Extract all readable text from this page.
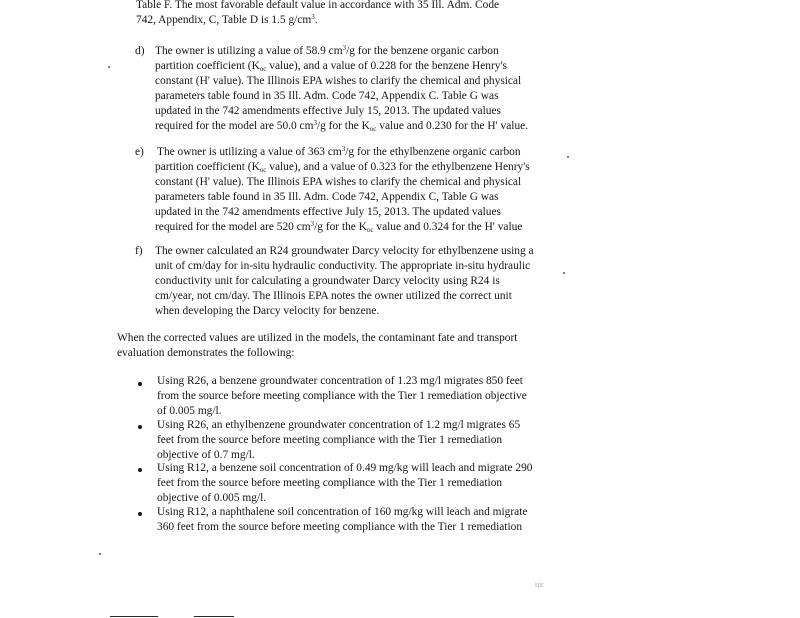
Table F. The most favorable default value in accordance with 35 Ill. Adm. Code
742, Appendix, C, Table D is 1.5 $g/cm^3$.
d) The owner is utilizing a value of 58.9 $cm^3/g$ for the benzene organic carbon
partition coefficient ($K_{oc}$ value), and a value of 0.228 for the benzene Henry's
constant (H' value). The Illinois EPA wishes to clarify the chemical and physical
parameters table found in 35 Ill. Adm. Code 742, Appendix C. Table G was
updated in the 742 amendments effective July 15, 2013. The updated values
required for the model are 50.0 $cm^3/g$ for the $K_{oc}$ value and 0.230 for the H' value.
e) The owner is utilizing a value of 363 $cm^3/g$ for the ethylbenzene organic carbon
partition coefficient ($K_{oc}$ value), and a value of 0.323 for the ethylbenzene Henry's
constant (H' value). The Illinois EPA wishes to clarify the chemical and physical
parameters table found in 35 Ill. Adm. Code 742, Appendix C, Table G was
updated in the 742 amendments effective July 15, 2013. The updated values
required for the model are 520 $cm^3/g$ for the $K_{oc}$ value and 0.324 for the H' value
f) The owner calculated an R24 groundwater Darcy velocity for ethylbenzene using a
unit of cm/day for in-situ hydraulic conductivity. The appropriate in-situ hydraulic
conductivity unit for calculating a groundwater Darcy velocity using R24 is
cm/year, not cm/day. The Illinois EPA notes the owner utilized the correct unit
when developing the Darcy velocity for benzene.
When the corrected values are utilized in the models, the contaminant fate and transport
evaluation demonstrates the following:
Using R26, a benzene groundwater concentration of 1.23 mg/l migrates 850 feet
from the source before meeting compliance with the Tier 1 remediation objective
of 0.005 mg/l.
Using R26, an ethylbenzene groundwater concentration of 1.2 mg/l migrates 65
feet from the source before meeting compliance with the Tier 1 remediation
objective of 0.7 mg/l.
Using R12, a benzene soil concentration of 0.49 mg/kg will leach and migrate 290
feet from the source before meeting compliance with the Tier 1 remediation
objective of 0.005 mg/l.
Using R12, a naphthalene soil concentration of 160 mg/kg will leach and migrate
360 feet from the source before meeting compliance with the Tier 1 remediation
IIE
